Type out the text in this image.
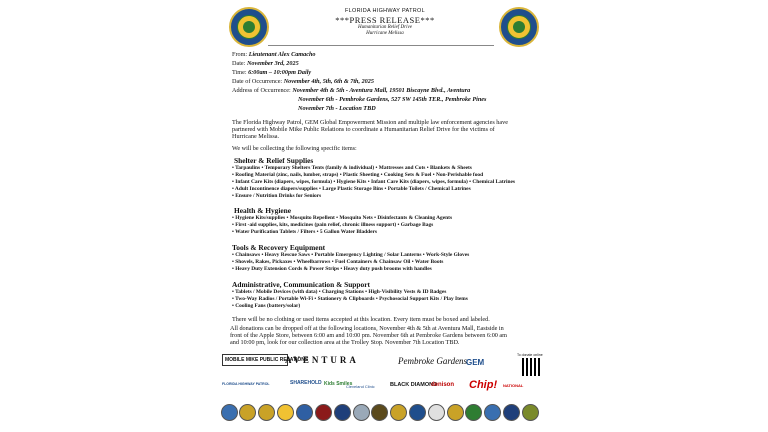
FLORIDA HIGHWAY PATROL
***PRESS RELEASE***
Humanitarian Relief Drive
Hurricane Melissa
From: Lieutenant Alex Camacho
Date: November 3rd, 2025
Time: 6:00am – 10:00pm Daily
Date of Occurrence: November 4th, 5th, 6th & 7th, 2025
Address of Occurrence: November 4th & 5th - Aventura Mall, 19501 Biscayne Blvd., Aventura
November 6th - Pembroke Gardens, 527 SW 145th TER., Pembroke Pines
November 7th - Location TBD
The Florida Highway Patrol, GEM Global Empowerment Mission and multiple law enforcement agencies have
partnered with Mobile Mike Public Relations to coordinate a Humanitarian Relief Drive for the victims of
Hurricane Melissa.
We will be collecting the following specific items:
Shelter & Relief Supplies
• Tarpaulins • Temporary Shelters Tents (family & individual) • Mattresses and Cots • Blankets & Sheets
• Roofing Material (zinc, nails, lumber, straps) • Plastic Sheeting • Cooking Sets & Fuel • Non-Perishable food
• Infant Care Kits (diapers, wipes, formula) • Hygiene Kits • Infant Care Kits (diapers, wipes, formula) • Chemical Latrines
• Adult Incontinence diapers/supplies • Large Plastic Storage Bins • Portable Toilets / Chemical Latrines
• Ensure / Nutrition Drinks for Seniors
Health & Hygiene
• Hygiene Kits/supplies • Mosquito Repellent • Mosquito Nets • Disinfectants & Cleaning Agents
• First -aid supplies, kits, medicines (pain relief, chronic illness support) • Garbage Bags
• Water Purification Tablets / Filters • 5 Gallon Water Bladders
Tools & Recovery Equipment
• Chainsaws • Heavy Rescue Saws • Portable Emergency Lighting / Solar Lanterns • Work-Style Gloves
• Shovels, Rakes, Pickaxes • Wheelbarrows • Fuel Containers & Chainsaw Oil • Water Boots
• Heavy Duty Extension Cords & Power Strips • Heavy duty push brooms with handles
Administrative, Communication & Support
• Tablets / Mobile Devices (with data) • Charging Stations • High-Visibility Vests & ID Badges
• Two-Way Radios / Portable Wi-Fi • Stationery & Clipboards • Psychosocial Support Kits / Play Items
• Cooling Fans (battery/solar)
There will be no clothing or used items accepted at this location. Every item must be boxed and labeled.
All donations can be dropped off at the following locations, November 4th & 5th at Aventura Mall, Eastside in
front of the Apple Store, between 6:00 am and 10:00 pm. November 6th at Pembroke Gardens between 6:00 am
and 10:00 pm, look for our collection area at the Trolley Stop. November 7th Location TBD.
MOBILE MIKE PUBLIC RELATIONS
AVENTURA	Pembroke Gardens
GEM
To donate online
FLORIDA HIGHWAY PATROL	SHAREHOLD Kids Smiles
Cleveland Clinic	BLACK DIAMOND
denison Chip! NATIONAL
